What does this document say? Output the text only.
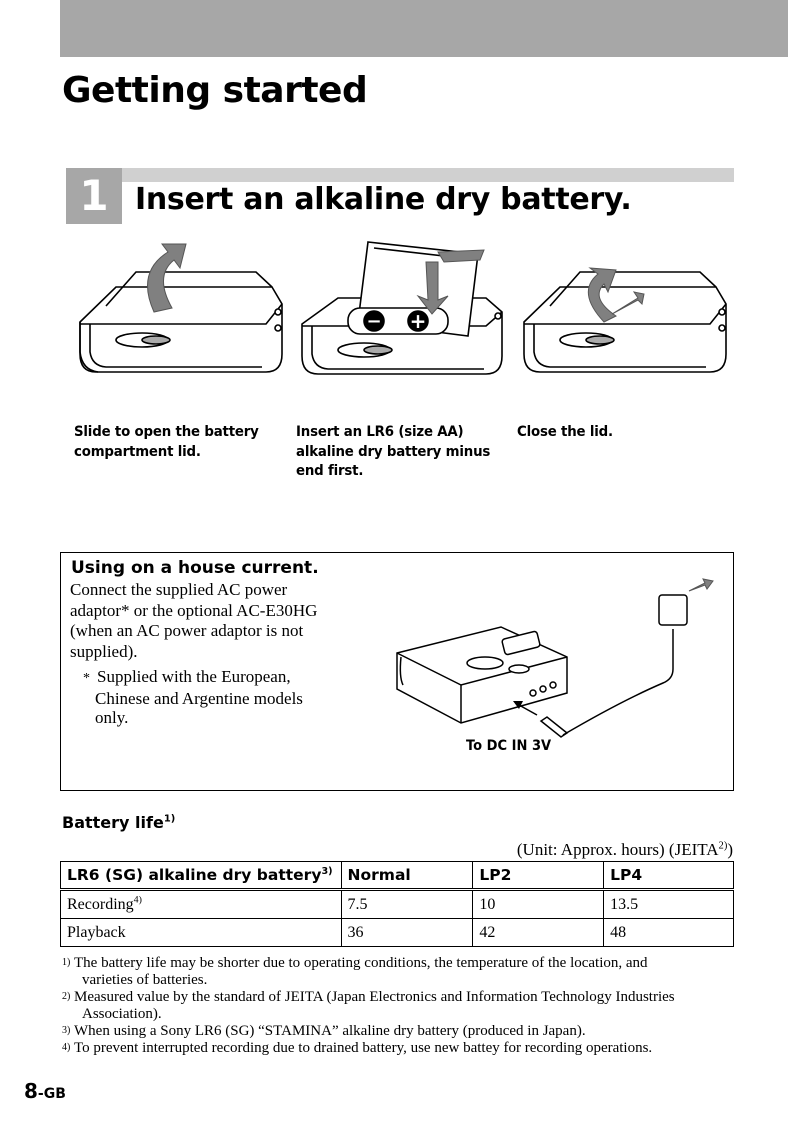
Getting started
1 Insert an alkaline dry battery.
− +
Slide to open the battery
compartment lid.
Insert an LR6 (size AA)
alkaline dry battery minus
end first.
Close the lid.
Using on a house current.

Connect the supplied AC power

adaptor* or the optional AC-E30HG

(when an AC power adaptor is not

supplied).

* Supplied with the European,
Chinese and Argentine models
only.
To DC IN 3V
Battery life$^{1)}$
(Unit: Approx. hours) (JEITA$^{2)}$)
LR6 (SG) alkaline dry battery$^{3)}$	Normal	LP2	LP4
Recording$^{4)}$	7.5	10	13.5
Playback	36	42	48
1) The battery life may be shorter due to operating conditions, the temperature of the location, and
varieties of batteries.
2) Measured value by the standard of JEITA (Japan Electronics and Information Technology Industries
Association).
3) When using a Sony LR6 (SG) “STAMINA” alkaline dry battery (produced in Japan).
4) To prevent interrupted recording due to drained battery, use new battey for recording operations.
8-GB
